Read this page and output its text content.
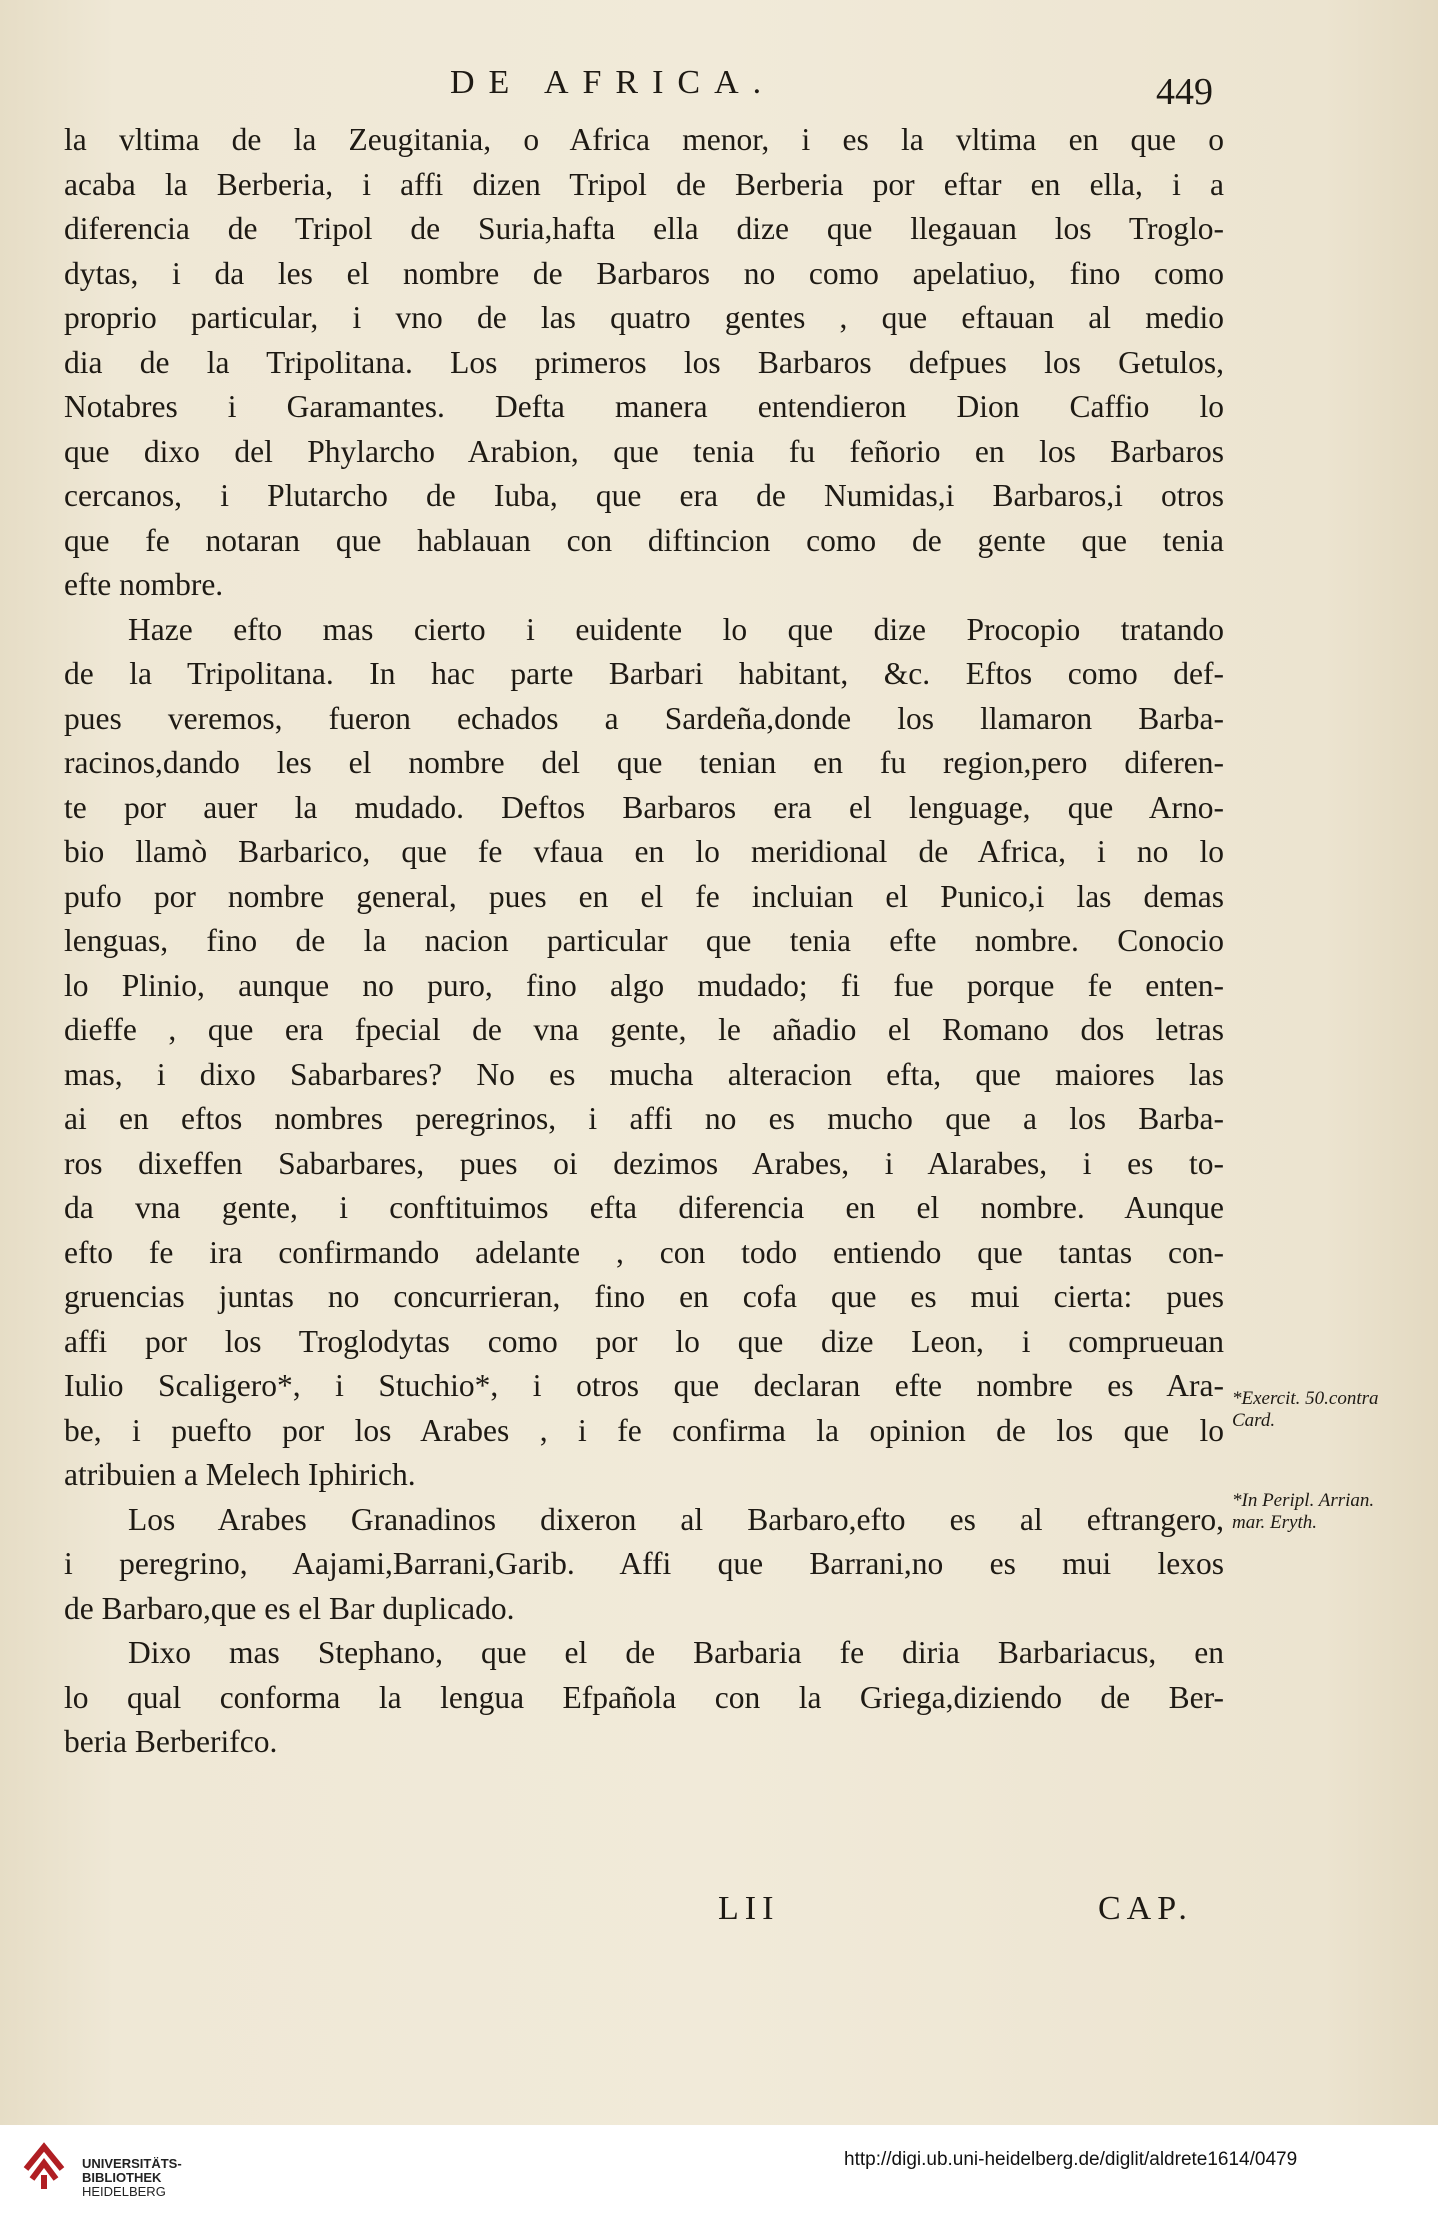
DE AFRICA.	449
la vltima de la Zeugitania, o Africa menor, i es la vltima en que o
acaba la Berberia, i affi dizen Tripol de Berberia por eftar en ella, i a
diferencia de Tripol de Suria,hafta ella dize que llegauan los Troglo-
dytas, i da les el nombre de Barbaros no como apelatiuo, fino como
proprio particular, i vno de las quatro gentes , que eftauan al medio
dia de la Tripolitana. Los primeros los Barbaros defpues los Getulos,
Notabres i Garamantes. Defta manera entendieron Dion Caffio lo
que dixo del Phylarcho Arabion, que tenia fu feñorio en los Barbaros
cercanos, i Plutarcho de Iuba, que era de Numidas,i Barbaros,i otros
que fe notaran que hablauan con diftincion como de gente que tenia
efte nombre.
Haze efto mas cierto i euidente lo que dize Procopio tratando
de la Tripolitana. In hac parte Barbari habitant, &c. Eftos como def-
pues veremos, fueron echados a Sardeña,donde los llamaron Barba-
racinos,dando les el nombre del que tenian en fu region,pero diferen-
te por auer la mudado. Deftos Barbaros era el lenguage, que Arno-
bio llamò Barbarico, que fe vfaua en lo meridional de Africa, i no lo
pufo por nombre general, pues en el fe incluian el Punico,i las demas
lenguas, fino de la nacion particular que tenia efte nombre. Conocio
lo Plinio, aunque no puro, fino algo mudado; fi fue porque fe enten-
dieffe , que era fpecial de vna gente, le añadio el Romano dos letras
mas, i dixo Sabarbares? No es mucha alteracion efta, que maiores las
ai en eftos nombres peregrinos, i affi no es mucho que a los Barba-
ros dixeffen Sabarbares, pues oi dezimos Arabes, i Alarabes, i es to-
da vna gente, i conftituimos efta diferencia en el nombre. Aunque
efto fe ira confirmando adelante , con todo entiendo que tantas con-
gruencias juntas no concurrieran, fino en cofa que es mui cierta: pues
affi por los Troglodytas como por lo que dize Leon, i comprueuan
Iulio Scaligero*, i Stuchio*, i otros que declaran efte nombre es Ara-
be, i puefto por los Arabes , i fe confirma la opinion de los que lo
atribuien a Melech Iphirich.
Los Arabes Granadinos dixeron al Barbaro,efto es al eftrangero,
i peregrino, Aajami,Barrani,Garib. Affi que Barrani,no es mui lexos
de Barbaro,que es el Bar duplicado.
Dixo mas Stephano, que el de Barbaria fe diria Barbariacus, en
lo qual conforma la lengua Efpañola con la Griega,diziendo de Ber-
beria Berberifco.
*Exercit. 50.contra Card.
*In Peripl. Arrian. mar. Eryth.
LII	CAP.
UNIVERSITÄTS-
BIBLIOTHEK
HEIDELBERG
http://digi.ub.uni-heidelberg.de/diglit/aldrete1614/0479
